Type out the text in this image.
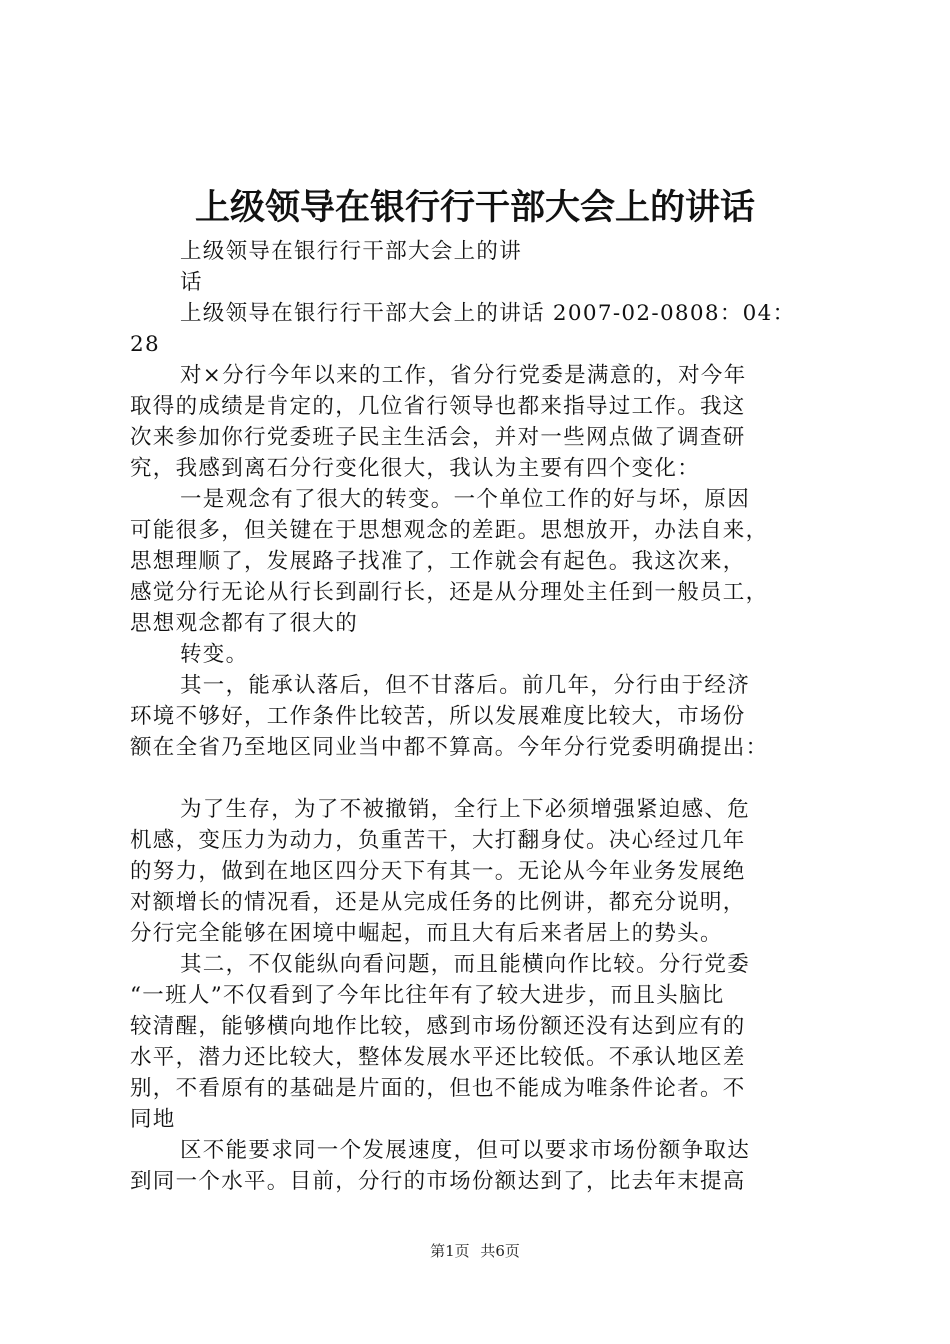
上级领导在银行行干部大会上的讲话

上级领导在银行行干部大会上的讲

话

上级领导在银行行干部大会上的讲话 2007-02-0808：04：

28

对×分行今年以来的工作，省分行党委是满意的，对今年

取得的成绩是肯定的，几位省行领导也都来指导过工作。我这

次来参加你行党委班子民主生活会，并对一些网点做了调查研

究，我感到离石分行变化很大，我认为主要有四个变化：

一是观念有了很大的转变。一个单位工作的好与坏，原因

可能很多，但关键在于思想观念的差距。思想放开，办法自来，

思想理顺了，发展路子找准了，工作就会有起色。我这次来，

感觉分行无论从行长到副行长，还是从分理处主任到一般员工，

思想观念都有了很大的

转变。

其一，能承认落后，但不甘落后。前几年，分行由于经济

环境不够好，工作条件比较苦，所以发展难度比较大，市场份

额在全省乃至地区同业当中都不算高。今年分行党委明确提出：

为了生存，为了不被撤销，全行上下必须增强紧迫感、危

机感，变压力为动力，负重苦干，大打翻身仗。决心经过几年

的努力，做到在地区四分天下有其一。无论从今年业务发展绝

对额增长的情况看，还是从完成任务的比例讲，都充分说明，

分行完全能够在困境中崛起，而且大有后来者居上的势头。

其二，不仅能纵向看问题，而且能横向作比较。分行党委

“一班人”不仅看到了今年比往年有了较大进步，而且头脑比

较清醒，能够横向地作比较，感到市场份额还没有达到应有的

水平，潜力还比较大，整体发展水平还比较低。不承认地区差

别，不看原有的基础是片面的，但也不能成为唯条件论者。不

同地

区不能要求同一个发展速度，但可以要求市场份额争取达

到同一个水平。目前，分行的市场份额达到了，比去年末提高

第1页 共6页
